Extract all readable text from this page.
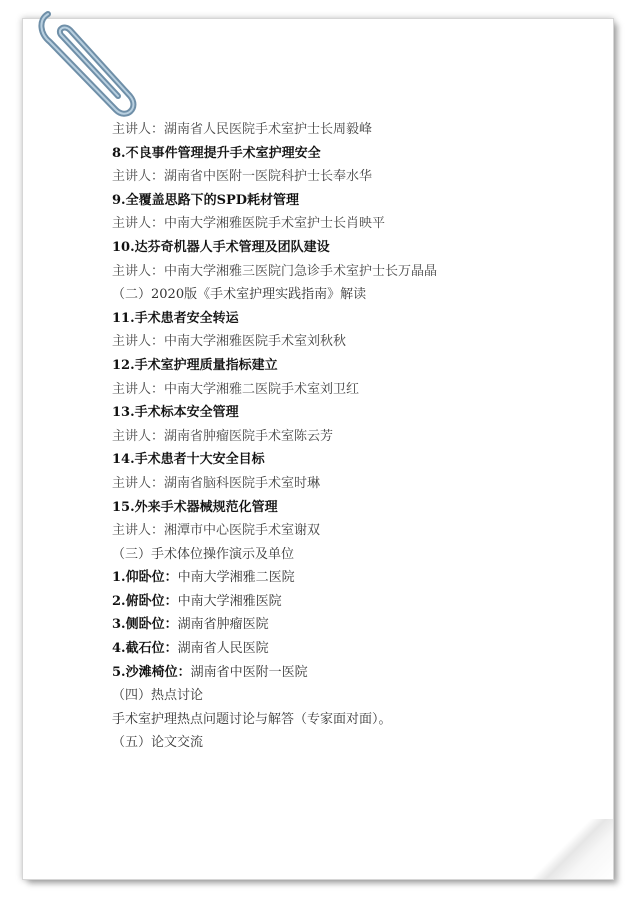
主讲人：湖南省人民医院手术室护士长周毅峰
8.不良事件管理提升手术室护理安全
主讲人：湖南省中医附一医院科护士长奉水华
9.全覆盖思路下的SPD耗材管理
主讲人：中南大学湘雅医院手术室护士长肖映平
10.达芬奇机器人手术管理及团队建设
主讲人：中南大学湘雅三医院门急诊手术室护士长万晶晶
（二）2020版《手术室护理实践指南》解读
11.手术患者安全转运
主讲人：中南大学湘雅医院手术室刘秋秋
12.手术室护理质量指标建立
主讲人：中南大学湘雅二医院手术室刘卫红
13.手术标本安全管理
主讲人：湖南省肿瘤医院手术室陈云芳
14.手术患者十大安全目标
主讲人：湖南省脑科医院手术室时琳
15.外来手术器械规范化管理
主讲人：湘潭市中心医院手术室谢双
（三）手术体位操作演示及单位
1.仰卧位：中南大学湘雅二医院
2.俯卧位：中南大学湘雅医院
3.侧卧位：湖南省肿瘤医院
4.截石位：湖南省人民医院
5.沙滩椅位：湖南省中医附一医院
（四）热点讨论
手术室护理热点问题讨论与解答（专家面对面）。
（五）论文交流
